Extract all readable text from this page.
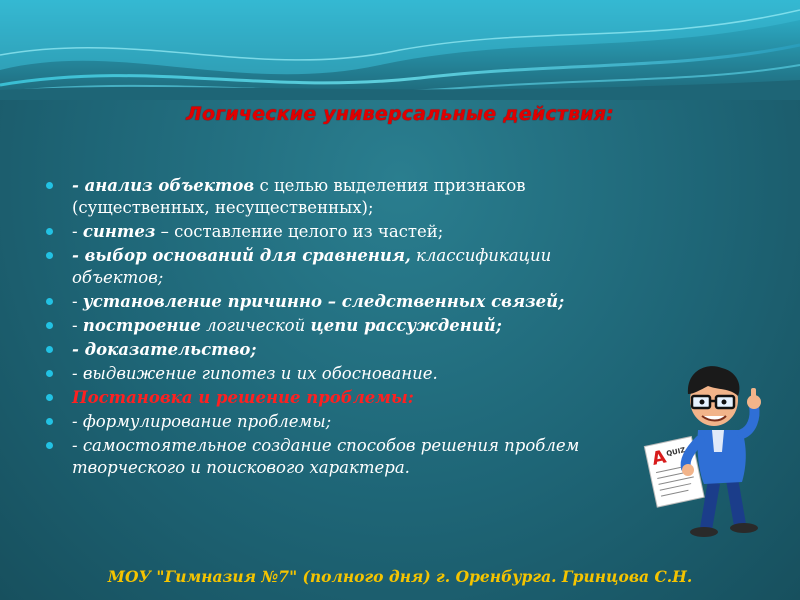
Логические универсальные действия:
- анализ объектов с целью выделения признаков (существенных, несущественных);
- синтез – составление целого из частей;
- выбор оснований для сравнения, классификации объектов;
- установление причинно – следственных связей;
- построение логической цепи рассуждений;
- доказательство;
- выдвижение гипотез и их обоснование.
Постановка и решение проблемы:
- формулирование проблемы;
- самостоятельное создание способов решения проблем творческого и поискового характера.	A
QUIZ
МОУ "Гимназия №7" (полного дня) г. Оренбурга. Гринцова С.Н.
